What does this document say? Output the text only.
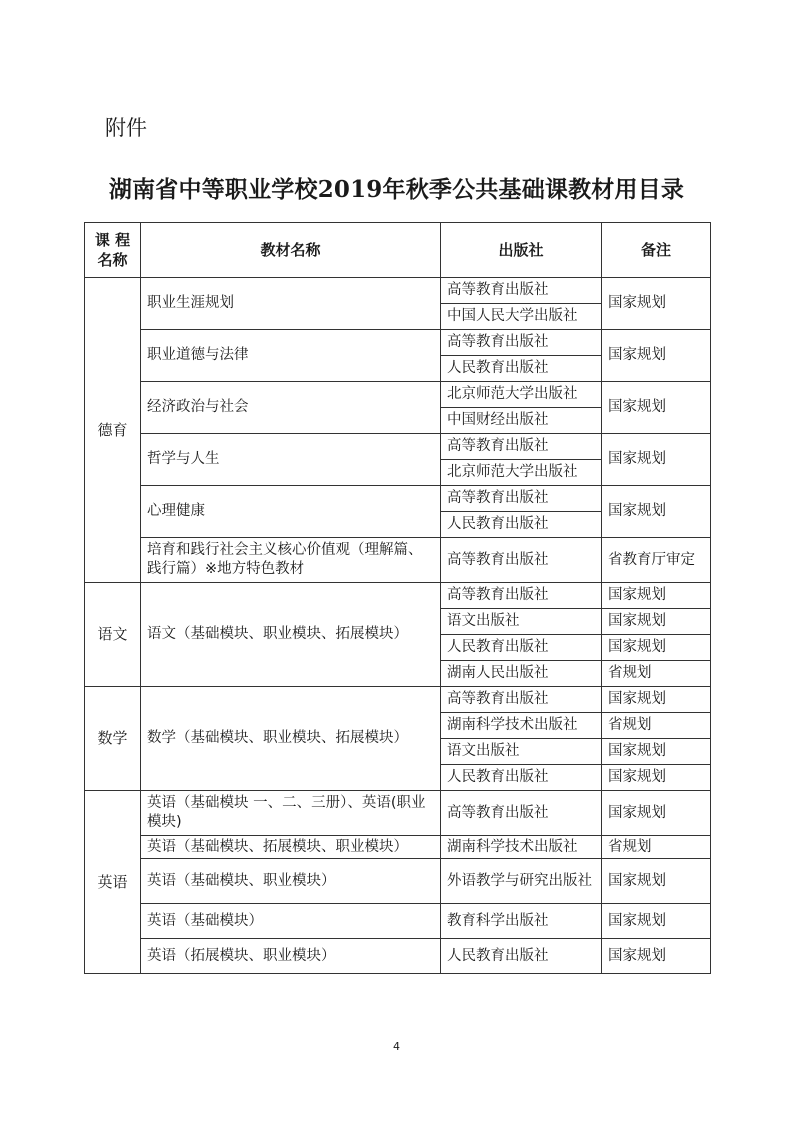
附件
湖南省中等职业学校2019年秋季公共基础课教材用目录
课 程
名称	教材名称	出版社	备注
德育	职业生涯规划	高等教育出版社	国家规划
		中国人民大学出版社	
	职业道德与法律	高等教育出版社	国家规划
		人民教育出版社	
	经济政治与社会	北京师范大学出版社	国家规划
		中国财经出版社	
	哲学与人生	高等教育出版社	国家规划
		北京师范大学出版社	
	心理健康	高等教育出版社	国家规划
		人民教育出版社	
	培育和践行社会主义核心价值观（理解篇、践行篇）※地方特色教材	高等教育出版社	省教育厅审定
语文	语文（基础模块、职业模块、拓展模块）	高等教育出版社	国家规划
		语文出版社	国家规划
		人民教育出版社	国家规划
		湖南人民出版社	省规划
数学	数学（基础模块、职业模块、拓展模块）	高等教育出版社	国家规划
		湖南科学技术出版社	省规划
		语文出版社	国家规划
		人民教育出版社	国家规划
英语	英语（基础模块 一、二、三册）、英语(职业模块)	高等教育出版社	国家规划
	英语（基础模块、拓展模块、职业模块）	湖南科学技术出版社	省规划
	英语（基础模块、职业模块）	外语教学与研究出版社	国家规划
	英语（基础模块）	教育科学出版社	国家规划
	英语（拓展模块、职业模块）	人民教育出版社	国家规划
4
